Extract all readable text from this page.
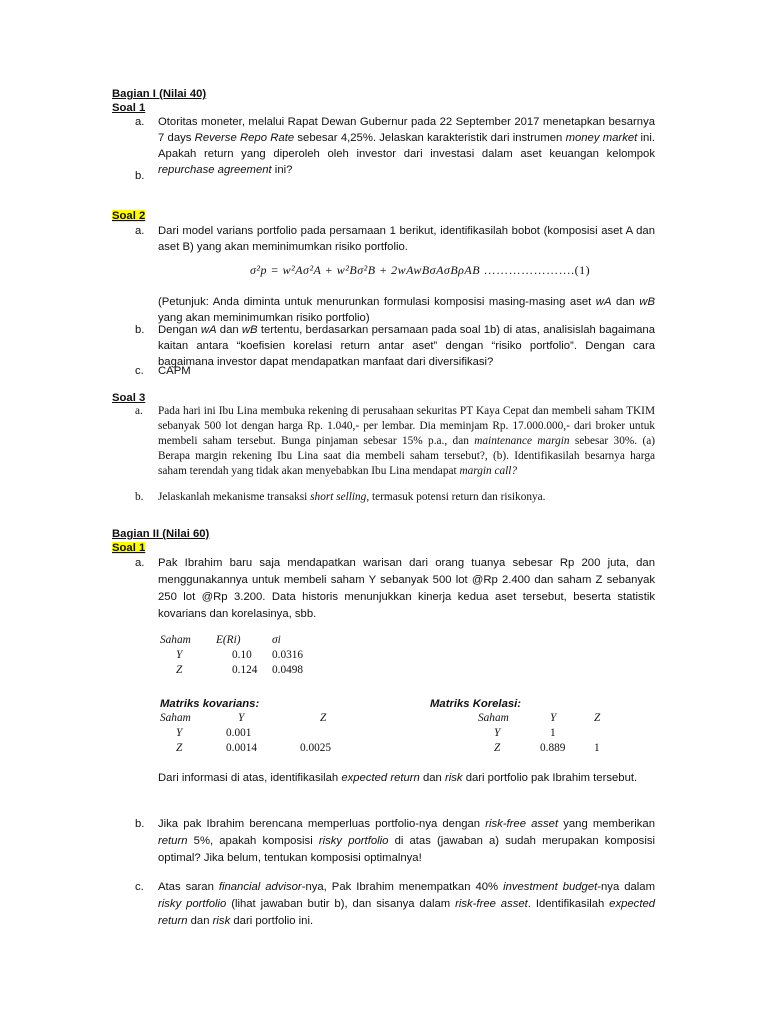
Bagian I (Nilai 40)
Soal 1
a.	Otoritas moneter, melalui Rapat Dewan Gubernur pada 22 September 2017 menetapkan besarnya 7 days Reverse Repo Rate sebesar 4,25%. Jelaskan karakteristik dari instrumen money market ini. Apakah return yang diperoleh oleh investor dari investasi dalam aset keuangan kelompok repurchase agreement ini?
b.
Soal 2
a.	Dari model varians portfolio pada persamaan 1 berikut, identifikasilah bobot (komposisi aset A dan aset B) yang akan meminimumkan risiko portfolio.
σ²p = w²Aσ²A + w²Bσ²B + 2wAwBσAσBρAB ………………….(1)
(Petunjuk: Anda diminta untuk menurunkan formulasi komposisi masing-masing aset wA dan wB yang akan meminimumkan risiko portfolio)
b.	Dengan wA dan wB tertentu, berdasarkan persamaan pada soal 1b) di atas, analisislah bagaimana kaitan antara “koefisien korelasi return antar aset” dengan “risiko portfolio”. Dengan cara bagaimana investor dapat mendapatkan manfaat dari diversifikasi?
c.	CAPM
Soal 3
a.	Pada hari ini Ibu Lina membuka rekening di perusahaan sekuritas PT Kaya Cepat dan membeli saham TKIM sebanyak 500 lot dengan harga Rp. 1.040,- per lembar. Dia meminjam Rp. 17.000.000,- dari broker untuk membeli saham tersebut. Bunga pinjaman sebesar 15% p.a., dan maintenance margin sebesar 30%. (a) Berapa margin rekening Ibu Lina saat dia membeli saham tersebut?, (b). Identifikasilah besarnya harga saham terendah yang tidak akan menyebabkan Ibu Lina mendapat margin call?
b.	Jelaskanlah mekanisme transaksi short selling, termasuk potensi return dan risikonya.
Bagian II (Nilai 60)
Soal 1
a.	Pak Ibrahim baru saja mendapatkan warisan dari orang tuanya sebesar Rp 200 juta, dan menggunakannya untuk membeli saham Y sebanyak 500 lot @Rp 2.400 dan saham Z sebanyak 250 lot @Rp 3.200. Data historis menunjukkan kinerja kedua aset tersebut, beserta statistik kovarians dan korelasinya, sbb.
Saham	E(Ri)	σi
Y	0.10	0.0316
Z	0.124	0.0498
Matriks kovarians:
Saham	Y	Z
Y	0.001	
Z	0.0014	0.0025
Matriks Korelasi:
Saham	Y	Z
Y	1	
Z	0.889	1
Dari informasi di atas, identifikasilah expected return dan risk dari portfolio pak Ibrahim tersebut.
b.	Jika pak Ibrahim berencana memperluas portfolio-nya dengan risk-free asset yang memberikan return 5%, apakah komposisi risky portfolio di atas (jawaban a) sudah merupakan komposisi optimal? Jika belum, tentukan komposisi optimalnya!
c.	Atas saran financial advisor-nya, Pak Ibrahim menempatkan 40% investment budget-nya dalam risky portfolio (lihat jawaban butir b), dan sisanya dalam risk-free asset. Identifikasilah expected return dan risk dari portfolio ini.
